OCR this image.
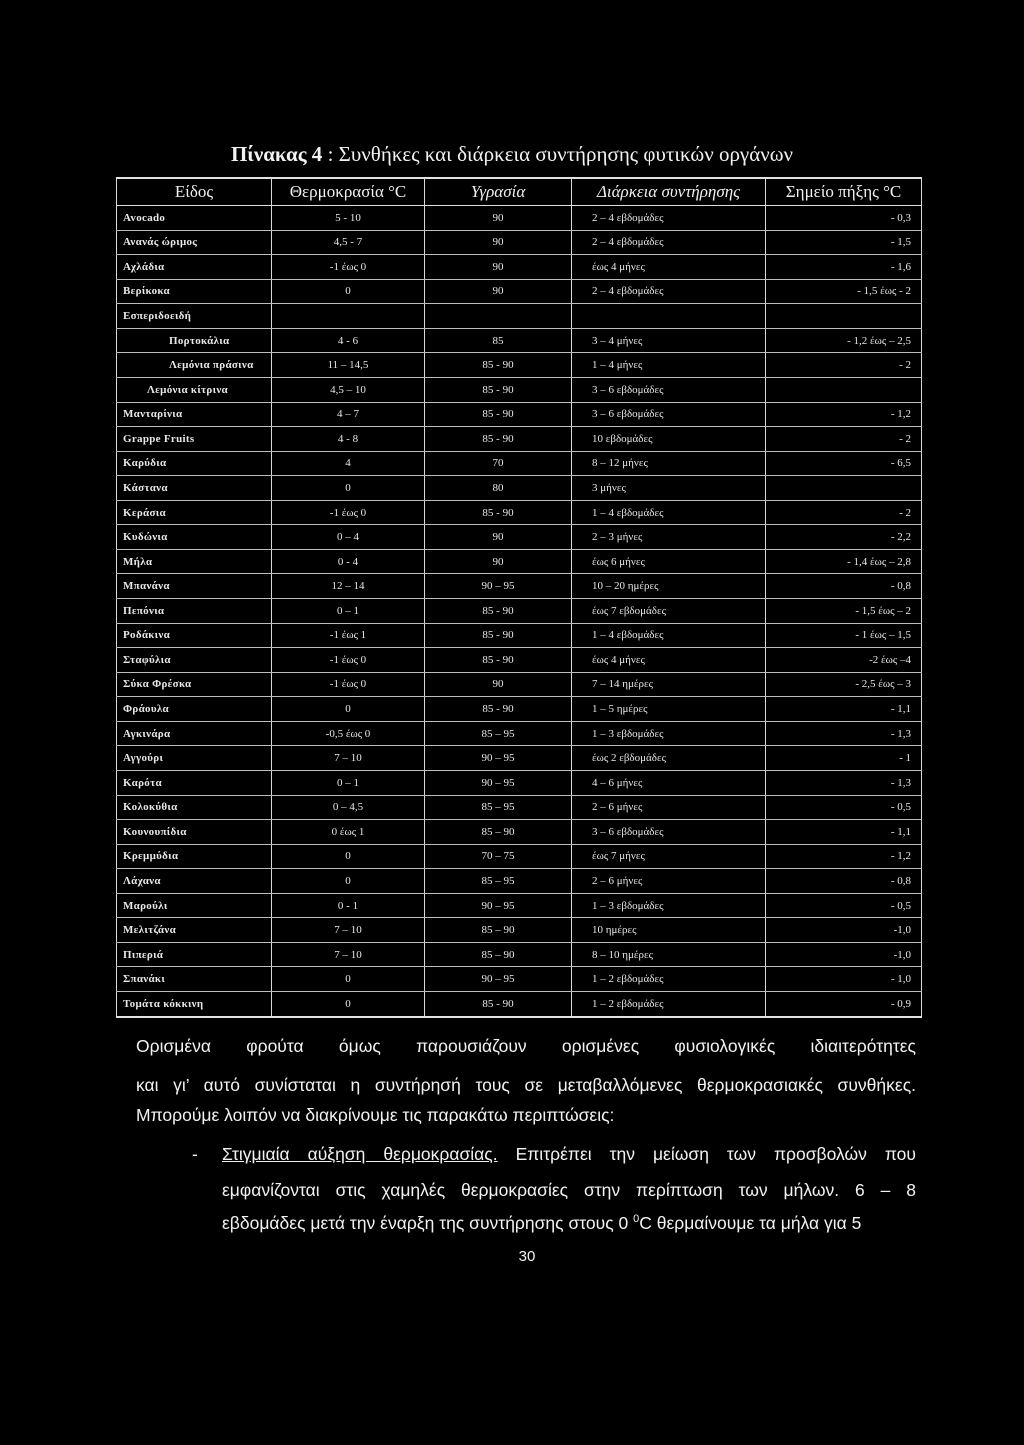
Πίνακας 4 : Συνθήκες και διάρκεια συντήρησης φυτικών οργάνων
Είδος	Θερμοκρασία °C	Υγρασία	Διάρκεια συντήρησης	Σημείο πήξης °C
Avocado	5 - 10	90	2 – 4 εβδομάδες	- 0,3
Ανανάς ώριμος	4,5 - 7	90	2 – 4 εβδομάδες	- 1,5
Αχλάδια	-1 έως 0	90	έως 4 μήνες	- 1,6
Βερίκοκα	0	90	2 – 4 εβδομάδες	- 1,5 έως - 2
Εσπεριδοειδή				
Πορτοκάλια	4 - 6	85	3 – 4 μήνες	- 1,2 έως – 2,5
Λεμόνια πράσινα	11 – 14,5	85 - 90	1 – 4 μήνες	- 2
Λεμόνια κίτρινα	4,5 – 10	85 - 90	3 – 6 εβδομάδες	
Μανταρίνια	4 – 7	85 - 90	3 – 6 εβδομάδες	- 1,2
Grappe Fruits	4 - 8	85 - 90	10 εβδομάδες	- 2
Καρύδια	4	70	8 – 12 μήνες	- 6,5
Κάστανα	0	80	3 μήνες	
Κεράσια	-1 έως 0	85 - 90	1 – 4 εβδομάδες	- 2
Κυδώνια	0 – 4	90	2 – 3 μήνες	- 2,2
Μήλα	0 - 4	90	έως 6 μήνες	- 1,4 έως – 2,8
Μπανάνα	12 – 14	90 – 95	10 – 20 ημέρες	- 0,8
Πεπόνια	0 – 1	85 - 90	έως 7 εβδομάδες	- 1,5 έως – 2
Ροδάκινα	-1 έως 1	85 - 90	1 – 4 εβδομάδες	- 1 έως – 1,5
Σταφύλια	-1 έως 0	85 - 90	έως 4 μήνες	-2 έως –4
Σύκα Φρέσκα	-1 έως 0	90	7 – 14 ημέρες	- 2,5 έως – 3
Φράουλα	0	85 - 90	1 – 5 ημέρες	- 1,1
Αγκινάρα	-0,5 έως 0	85 – 95	1 – 3 εβδομάδες	- 1,3
Αγγούρι	7 – 10	90 – 95	έως 2 εβδομάδες	- 1
Καρότα	0 – 1	90 – 95	4 – 6 μήνες	- 1,3
Κολοκύθια	0 – 4,5	85 – 95	2 – 6 μήνες	- 0,5
Κουνουπίδια	0 έως 1	85 – 90	3 – 6 εβδομάδες	- 1,1
Κρεμμύδια	0	70 – 75	έως 7 μήνες	- 1,2
Λάχανα	0	85 – 95	2 – 6 μήνες	- 0,8
Μαρούλι	0 - 1	90 – 95	1 – 3 εβδομάδες	- 0,5
Μελιτζάνα	7 – 10	85 – 90	10 ημέρες	-1,0
Πιπεριά	7 – 10	85 – 90	8 – 10 ημέρες	-1,0
Σπανάκι	0	90 – 95	1 – 2 εβδομάδες	- 1,0
Τομάτα κόκκινη	0	85 - 90	1 – 2 εβδομάδες	- 0,9
Ορισμένα φρούτα όμως παρουσιάζουν ορισμένες φυσιολογικές ιδιαιτερότητες
και γι’ αυτό συνίσταται η συντήρησή τους σε μεταβαλλόμενες θερμοκρασιακές συνθήκες.
Μπορούμε λοιπόν να διακρίνουμε τις παρακάτω περιπτώσεις:
- Στιγμιαία αύξηση θερμοκρασίας. Επιτρέπει την μείωση των προσβολών που
εμφανίζονται στις χαμηλές θερμοκρασίες στην περίπτωση των μήλων. 6 – 8
εβδομάδες μετά την έναρξη της συντήρησης στους 0 $^0$C θερμαίνουμε τα μήλα για 5
30
